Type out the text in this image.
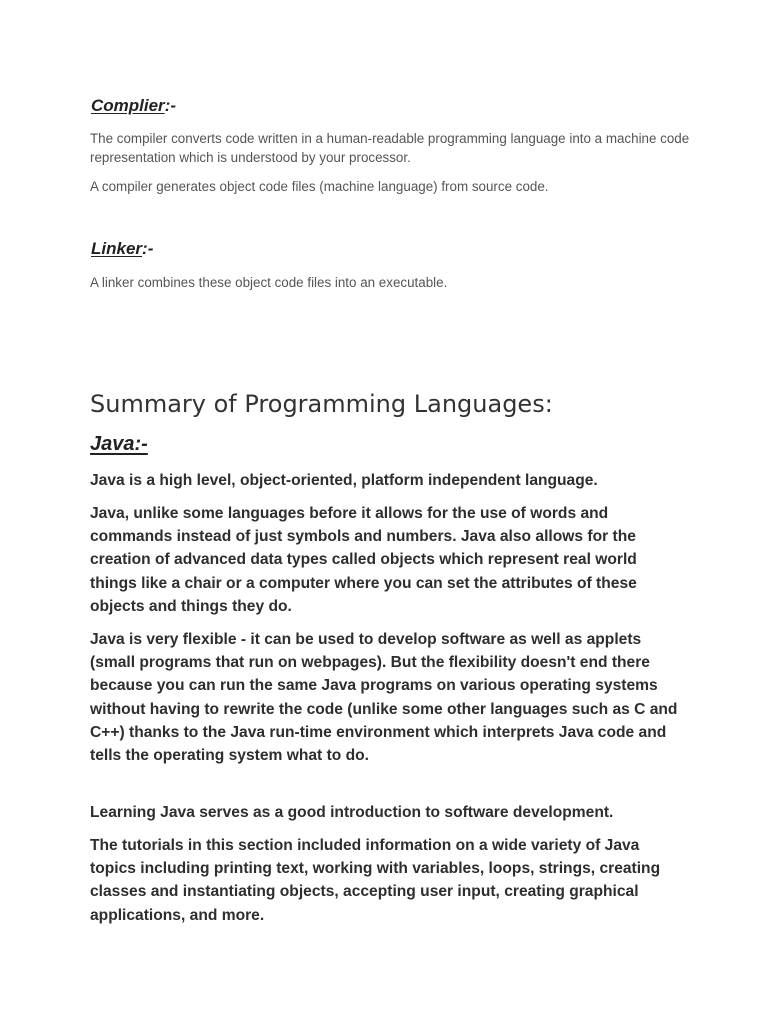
Complier:-

The compiler converts code written in a human-readable programming language into a machine code representation which is understood by your processor.

A compiler generates object code files (machine language) from source code.

Linker:-

A linker combines these object code files into an executable.

Summary of Programming Languages:
Java:-

Java is a high level, object-oriented, platform independent language.

Java, unlike some languages before it allows for the use of words and commands instead of just symbols and numbers. Java also allows for the creation of advanced data types called objects which represent real world things like a chair or a computer where you can set the attributes of these objects and things they do.

Java is very flexible - it can be used to develop software as well as applets (small programs that run on webpages). But the flexibility doesn't end there because you can run the same Java programs on various operating systems without having to rewrite the code (unlike some other languages such as C and C++) thanks to the Java run-time environment which interprets Java code and tells the operating system what to do.

Learning Java serves as a good introduction to software development.

The tutorials in this section included information on a wide variety of Java topics including printing text, working with variables, loops, strings, creating classes and instantiating objects, accepting user input, creating graphical applications, and more.
